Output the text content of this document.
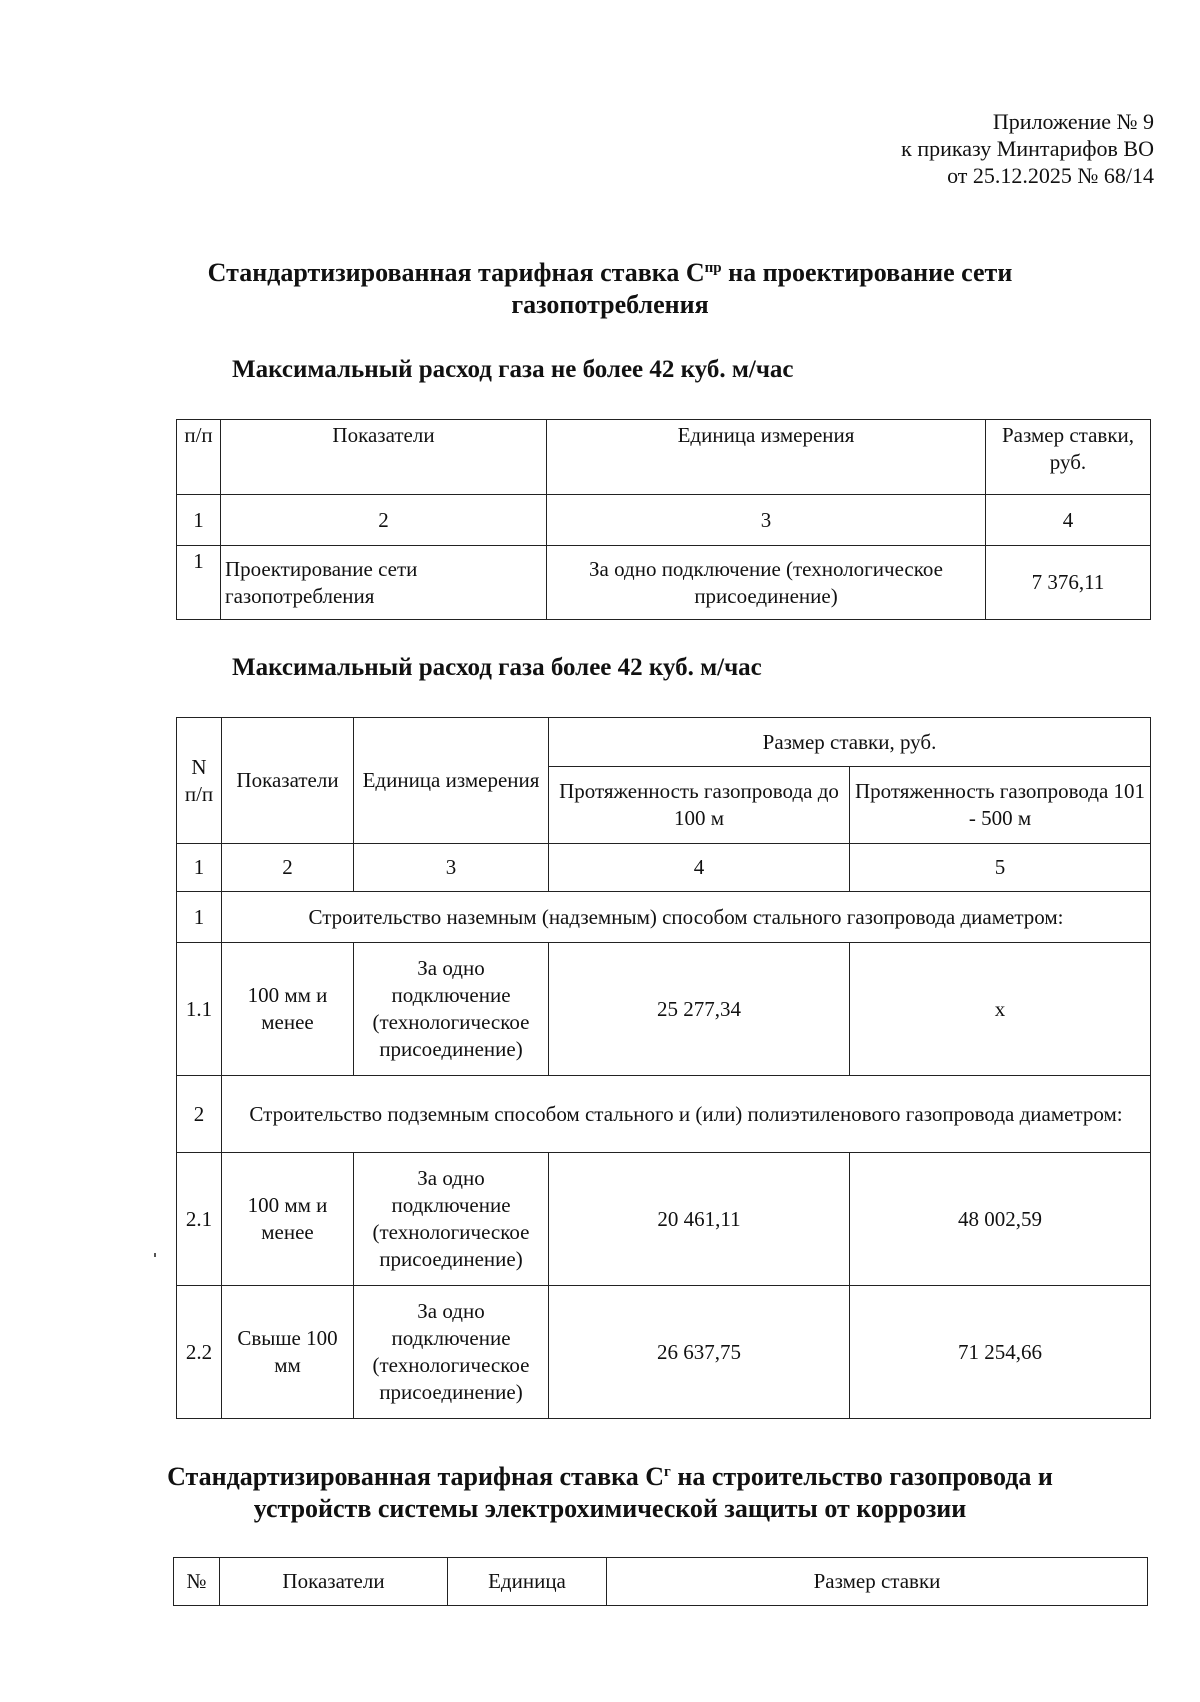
Приложение № 9
к приказу Минтарифов ВО
от 25.12.2025 № 68/14
Стандартизированная тарифная ставка $С^{пр}$ на проектирование сети газопотребления
Максимальный расход газа не более 42 куб. м/час
п/п	Показатели	Единица измерения	Размер ставки, руб.
1	2	3	4
1	Проектирование сети газопотребления	За одно подключение (технологическое присоединение)	7 376,11
Максимальный расход газа более 42 куб. м/час
N п/п	Показатели	Единица измерения	Размер ставки, руб.	
			Протяженность газопровода до 100 м	Протяженность газопровода 101 - 500 м
1	2	3	4	5
1	Строительство наземным (надземным) способом стального газопровода диаметром:			
1.1	100 мм и менее	За одно подключение (технологическое присоединение)	25 277,34	х
2	Строительство подземным способом стального и (или) полиэтиленового газопровода диаметром:			
2.1	100 мм и менее	За одно подключение (технологическое присоединение)	20 461,11	48 002,59
2.2	Свыше 100 мм	За одно подключение (технологическое присоединение)	26 637,75	71 254,66
Стандартизированная тарифная ставка $С^г$ на строительство газопровода и устройств системы электрохимической защиты от коррозии
№	Показатели	Единица	Размер ставки
